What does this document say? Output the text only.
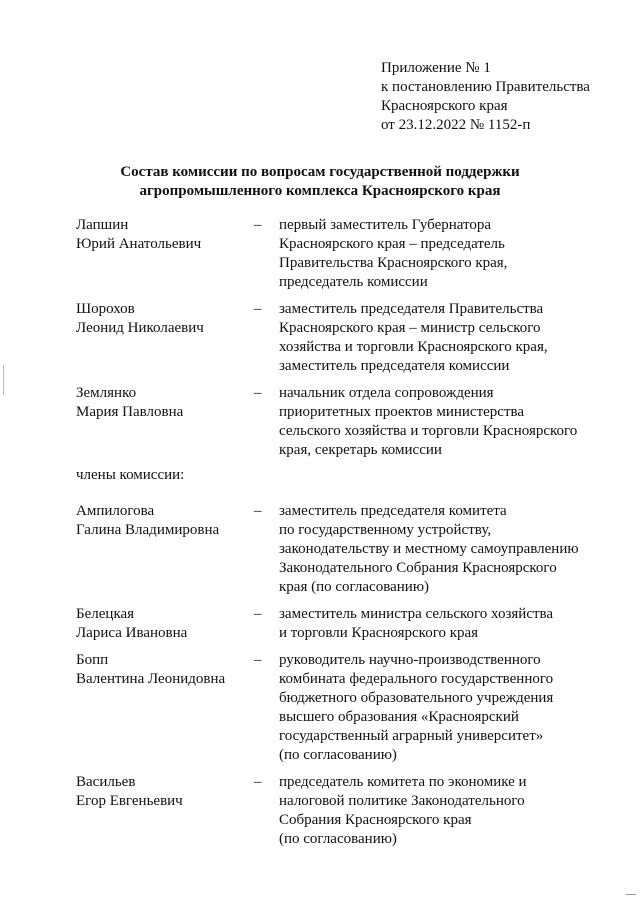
Приложение № 1
к постановлению Правительства
Красноярского края
от 23.12.2022 № 1152-п
Состав комиссии по вопросам государственной поддержки
агропромышленного комплекса Красноярского края
Лапшин
Юрий Анатольевич
–	первый заместитель Губернатора
Красноярского края – председатель
Правительства Красноярского края,
председатель комиссии
Шорохов
Леонид Николаевич
–	заместитель председателя Правительства
Красноярского края – министр сельского
хозяйства и торговли Красноярского края,
заместитель председателя комиссии
Землянко
Мария Павловна
–	начальник отдела сопровождения
приоритетных проектов министерства
сельского хозяйства и торговли Красноярского
края, секретарь комиссии
члены комиссии:
Ампилогова
Галина Владимировна
–	заместитель председателя комитета
по государственному устройству,
законодательству и местному самоуправлению
Законодательного Собрания Красноярского
края (по согласованию)
Белецкая
Лариса Ивановна
–	заместитель министра сельского хозяйства
и торговли Красноярского края
Бопп
Валентина Леонидовна
–	руководитель научно-производственного
комбината федерального государственного
бюджетного образовательного учреждения
высшего образования «Красноярский
государственный аграрный университет»
(по согласованию)
Васильев
Егор Евгеньевич
–	председатель комитета по экономике и
налоговой политике Законодательного
Собрания Красноярского края
(по согласованию)
